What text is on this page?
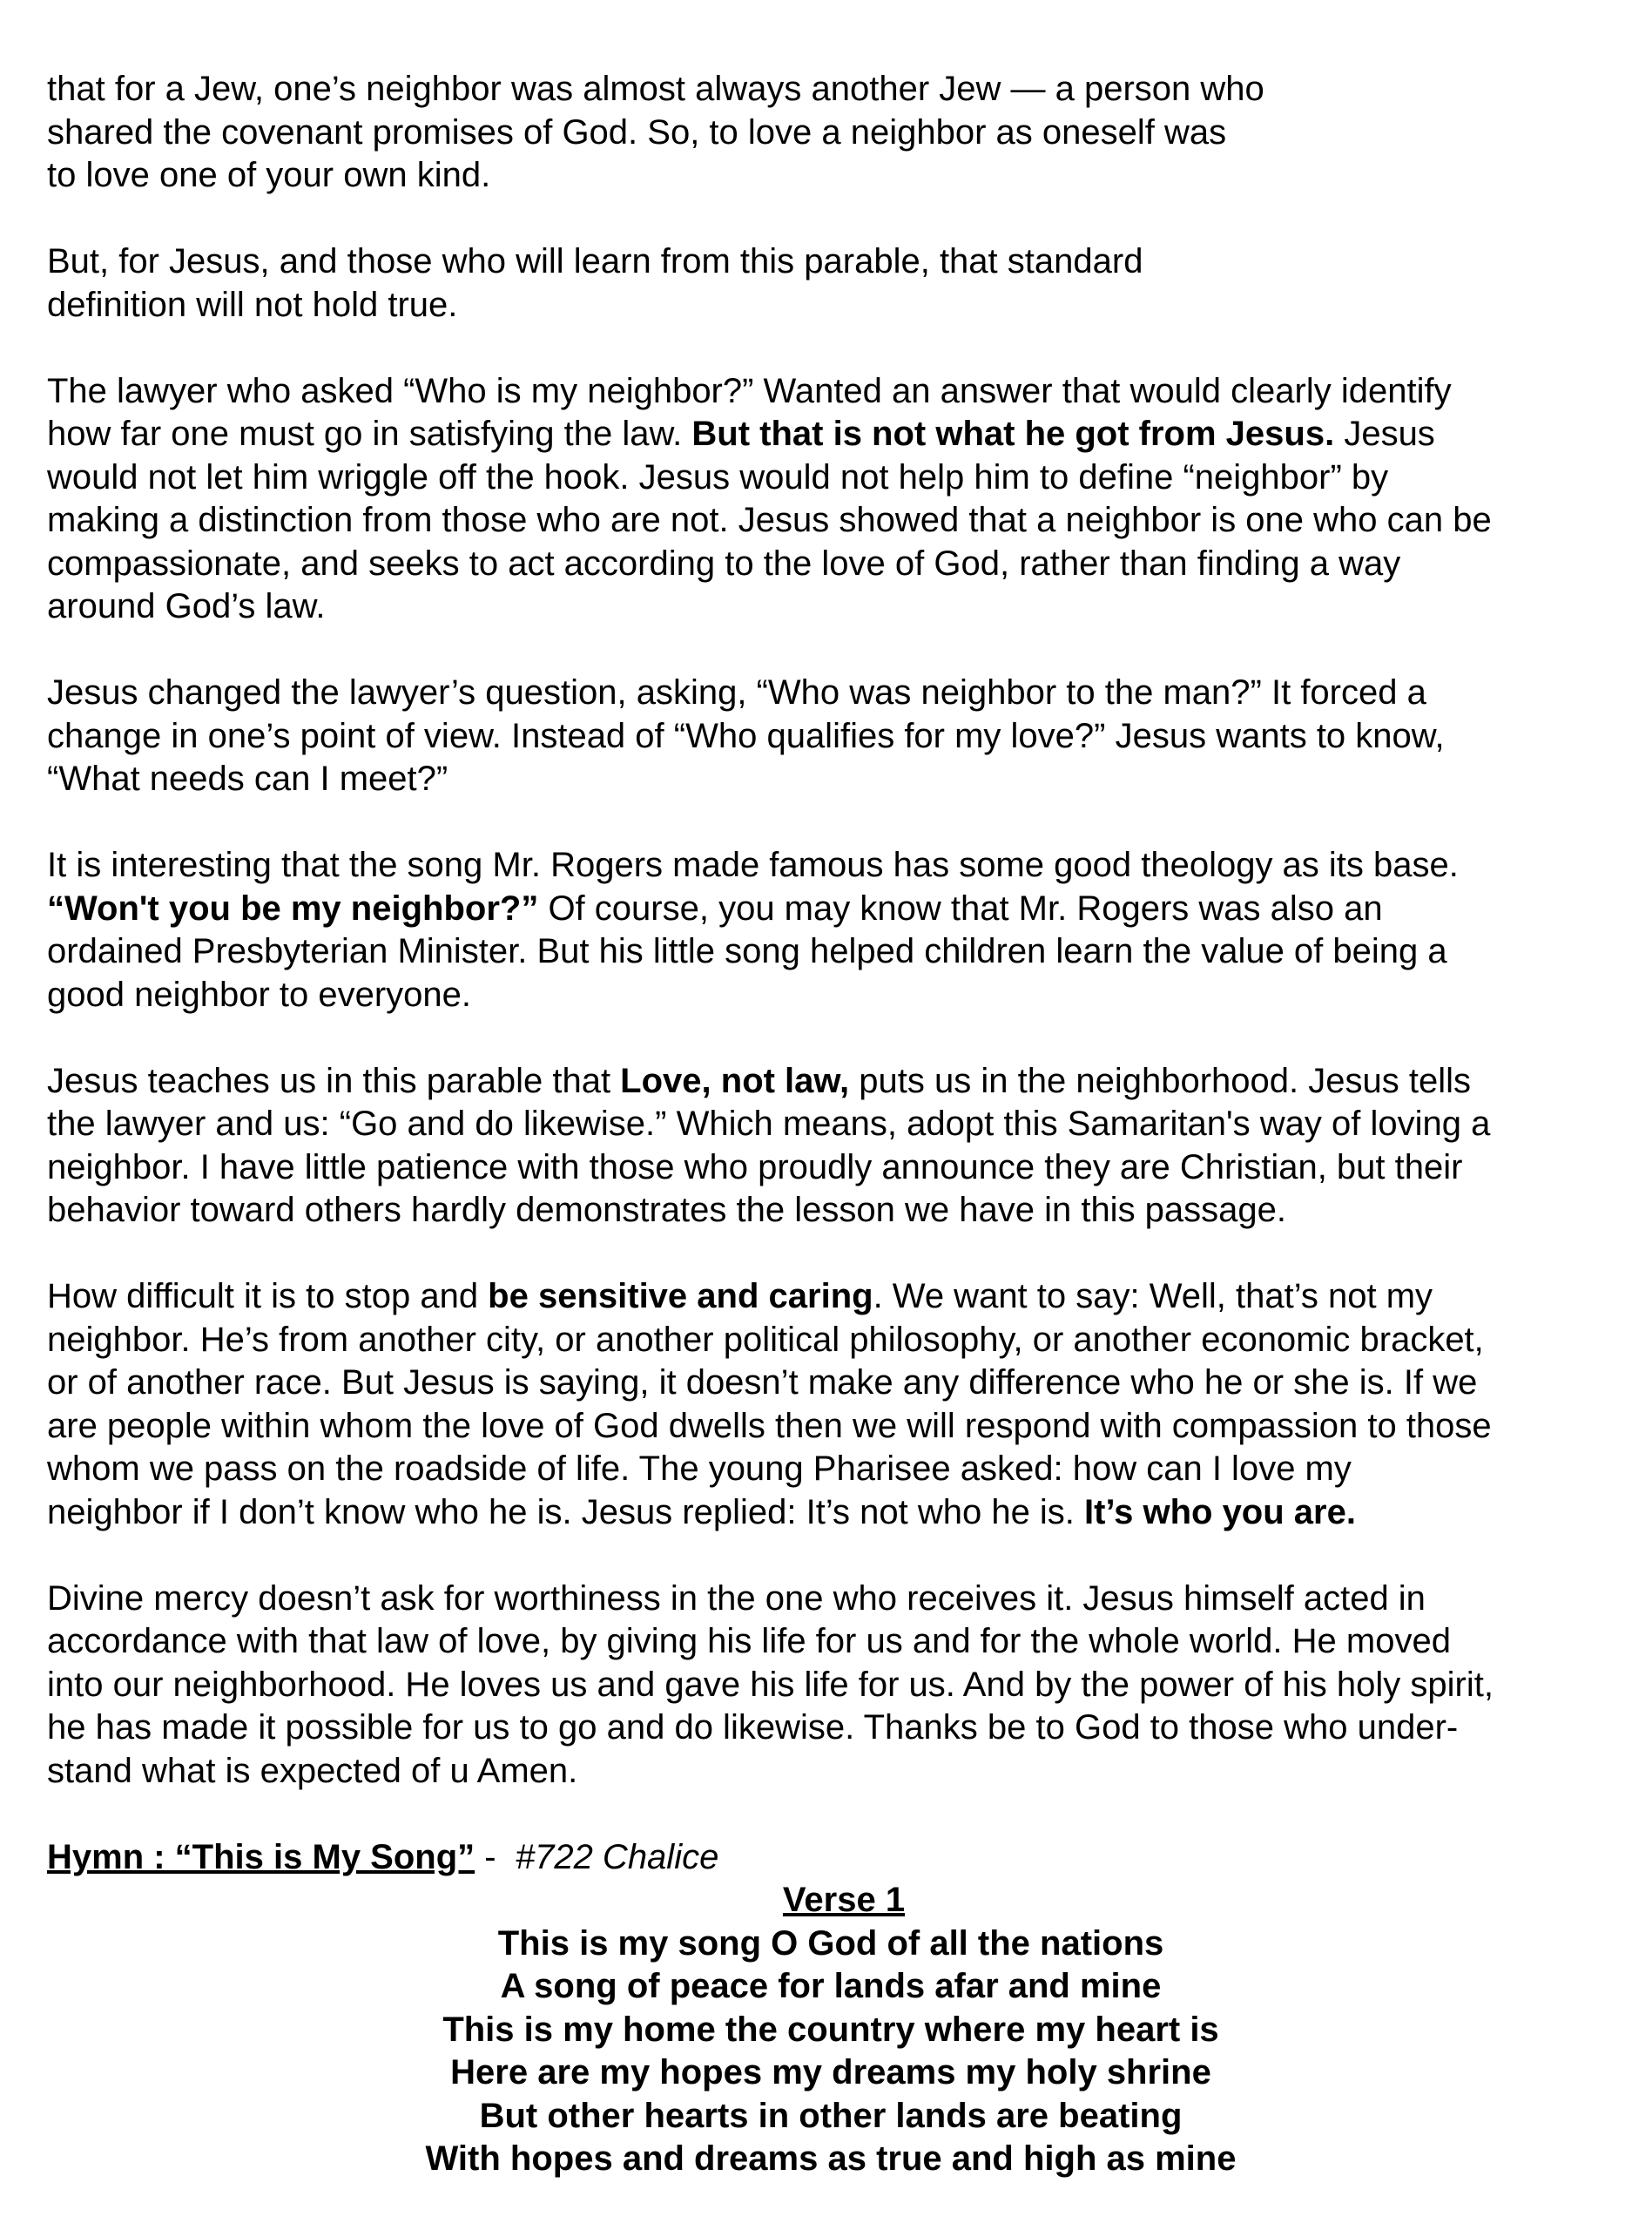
that for a Jew, one’s neighbor was almost always another Jew — a person who
shared the covenant promises of God. So, to love a neighbor as oneself was
to love one of your own kind.
But, for Jesus, and those who will learn from this parable, that standard
definition will not hold true.
The lawyer who asked “Who is my neighbor?” Wanted an answer that would clearly identify
how far one must go in satisfying the law. But that is not what he got from Jesus. Jesus
would not let him wriggle off the hook. Jesus would not help him to define “neighbor” by
making a distinction from those who are not. Jesus showed that a neighbor is one who can be
compassionate, and seeks to act according to the love of God, rather than finding a way
around God’s law.
Jesus changed the lawyer’s question, asking, “Who was neighbor to the man?” It forced a
change in one’s point of view. Instead of “Who qualifies for my love?” Jesus wants to know,
“What needs can I meet?”
It is interesting that the song Mr. Rogers made famous has some good theology as its base.
“Won't you be my neighbor?” Of course, you may know that Mr. Rogers was also an
ordained Presbyterian Minister. But his little song helped children learn the value of being a
good neighbor to everyone.
Jesus teaches us in this parable that Love, not law, puts us in the neighborhood. Jesus tells
the lawyer and us: “Go and do likewise.” Which means, adopt this Samaritan's way of loving a
neighbor. I have little patience with those who proudly announce they are Christian, but their
behavior toward others hardly demonstrates the lesson we have in this passage.
How difficult it is to stop and be sensitive and caring. We want to say: Well, that’s not my
neighbor. He’s from another city, or another political philosophy, or another economic bracket,
or of another race. But Jesus is saying, it doesn’t make any difference who he or she is. If we
are people within whom the love of God dwells then we will respond with compassion to those
whom we pass on the roadside of life. The young Pharisee asked: how can I love my
neighbor if I don’t know who he is. Jesus replied: It’s not who he is. It’s who you are.
Divine mercy doesn’t ask for worthiness in the one who receives it. Jesus himself acted in
accordance with that law of love, by giving his life for us and for the whole world. He moved
into our neighborhood. He loves us and gave his life for us. And by the power of his holy spirit,
he has made it possible for us to go and do likewise. Thanks be to God to those who under-
stand what is expected of u Amen.
Hymn : “This is My Song” -  #722 Chalice
Verse 1
This is my song O God of all the nations
A song of peace for lands afar and mine
This is my home the country where my heart is
Here are my hopes my dreams my holy shrine
But other hearts in other lands are beating
With hopes and dreams as true and high as mine
